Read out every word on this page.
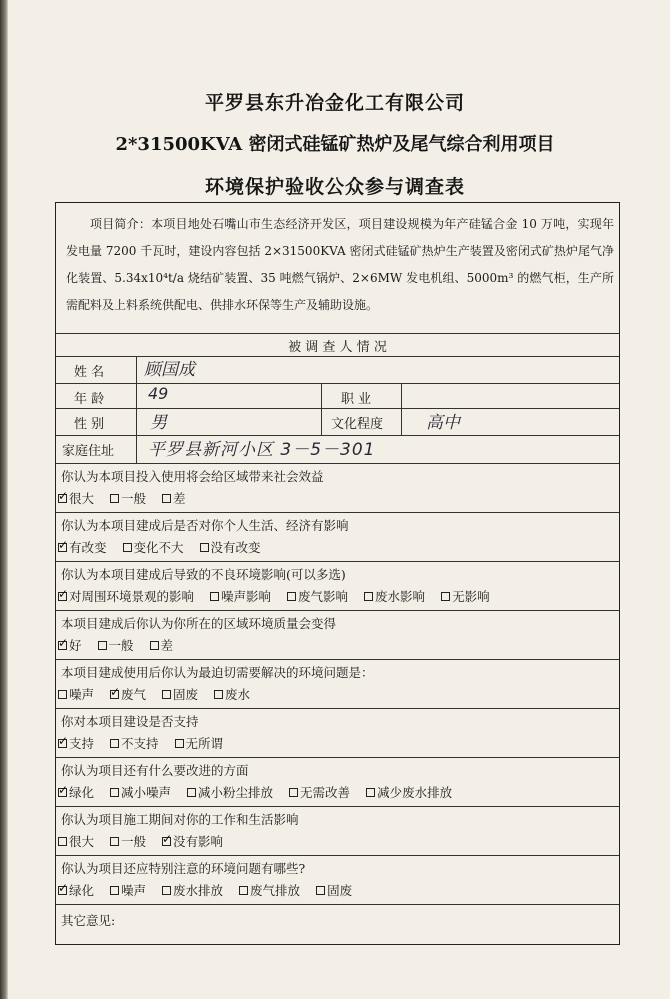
平罗县东升冶金化工有限公司
2*31500KVA 密闭式硅锰矿热炉及尾气综合利用项目
环境保护验收公众参与调查表
项目简介：本项目地处石嘴山市生态经济开发区，项目建设规模为年产硅锰合金 10 万吨，实现年发电量 7200 千瓦时，建设内容包括 2×31500KVA 密闭式硅锰矿热炉生产装置及密闭式矿热炉尾气净化装置、5.34x10⁴t/a 烧结矿装置、35 吨燃气锅炉、2×6MW 发电机组、5000m³ 的燃气柜，生产所需配料及上料系统供配电、供排水环保等生产及辅助设施。
被 调 查 人 情 况
姓 名 顾国成
年 龄	49	职 业
性 别	男	文化程度	高中
家庭住址 平罗县新河小区 3－5－301
你认为本项目投入使用将会给区域带来社会效益
✓
很大 一般 差
你认为本项目建成后是否对你个人生活、经济有影响
✓
有改变 变化不大 没有改变
你认为本项目建成后导致的不良环境影响(可以多选)
✓
对周围环境景观的影响 噪声影响 废气影响 废水影响 无影响
本项目建成后你认为你所在的区域环境质量会变得
✓
好 一般 差
本项目建成使用后你认为最迫切需要解决的环境问题是：
噪声 ✓ 废气 固废 废水
你对本项目建设是否支持
✓
支持 不支持 无所谓
你认为项目还有什么要改进的方面
✓
绿化 减小噪声 减小粉尘排放 无需改善 减少废水排放
你认为项目施工期间对你的工作和生活影响
很大 一般 ✓ 没有影响
你认为项目还应特别注意的环境问题有哪些?
✓
绿化 噪声 废水排放 废气排放 固废
其它意见:
